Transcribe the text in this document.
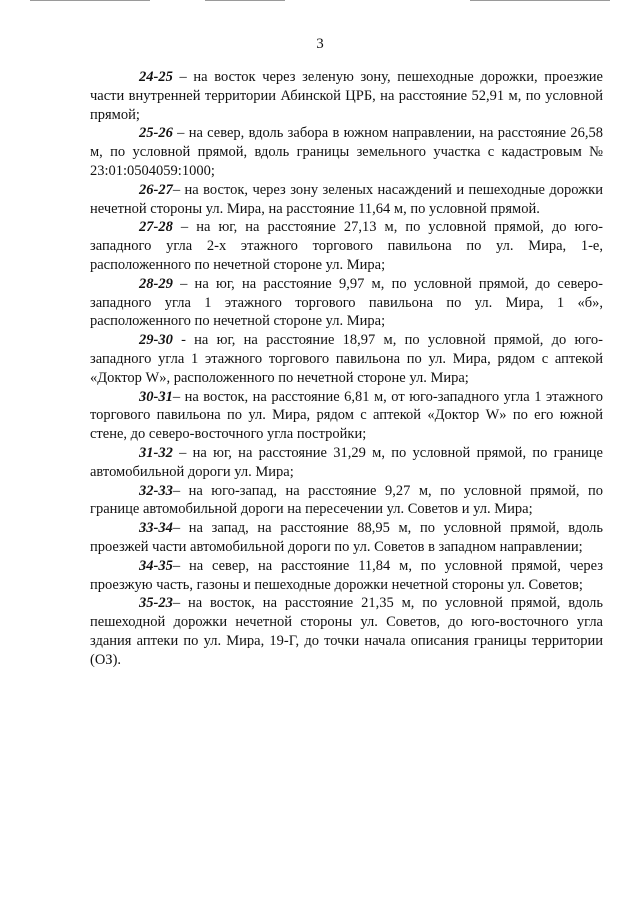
3

24-25 – на восток через зеленую зону, пешеходные дорожки, проезжие части внутренней территории Абинской ЦРБ, на расстояние 52,91 м, по условной прямой;

25-26 – на север, вдоль забора в южном направлении, на расстояние 26,58 м, по условной прямой, вдоль границы земельного участка с кадастровым № 23:01:0504059:1000;

26-27– на восток, через зону зеленых насаждений и пешеходные дорожки нечетной стороны ул. Мира, на расстояние 11,64 м, по условной прямой.

27-28 – на юг, на расстояние 27,13 м, по условной прямой, до юго-западного угла 2-х этажного торгового павильона по ул. Мира, 1-е, расположенного по нечетной стороне ул. Мира;

28-29 – на юг, на расстояние 9,97 м, по условной прямой, до северо-западного угла 1 этажного торгового павильона по ул. Мира, 1 «б», расположенного по нечетной стороне ул. Мира;

29-30 - на юг, на расстояние 18,97 м, по условной прямой, до юго-западного угла 1 этажного торгового павильона по ул. Мира, рядом с аптекой «Доктор W», расположенного по нечетной стороне ул. Мира;

30-31– на восток, на расстояние 6,81 м, от юго-западного угла 1 этажного торгового павильона по ул. Мира, рядом с аптекой «Доктор W» по его южной стене, до северо-восточного угла постройки;

31-32 – на юг, на расстояние 31,29 м, по условной прямой, по границе автомобильной дороги ул. Мира;

32-33– на юго-запад, на расстояние 9,27 м, по условной прямой, по границе автомобильной дороги на пересечении ул. Советов и ул. Мира;

33-34– на запад, на расстояние 88,95 м, по условной прямой, вдоль проезжей части автомобильной дороги по ул. Советов в западном направлении;

34-35– на север, на расстояние 11,84 м, по условной прямой, через проезжую часть, газоны и пешеходные дорожки нечетной стороны ул. Советов;

35-23– на восток, на расстояние 21,35 м, по условной прямой, вдоль пешеходной дорожки нечетной стороны ул. Советов, до юго-восточного угла здания аптеки по ул. Мира, 19-Г, до точки начала описания границы территории (ОЗ).
